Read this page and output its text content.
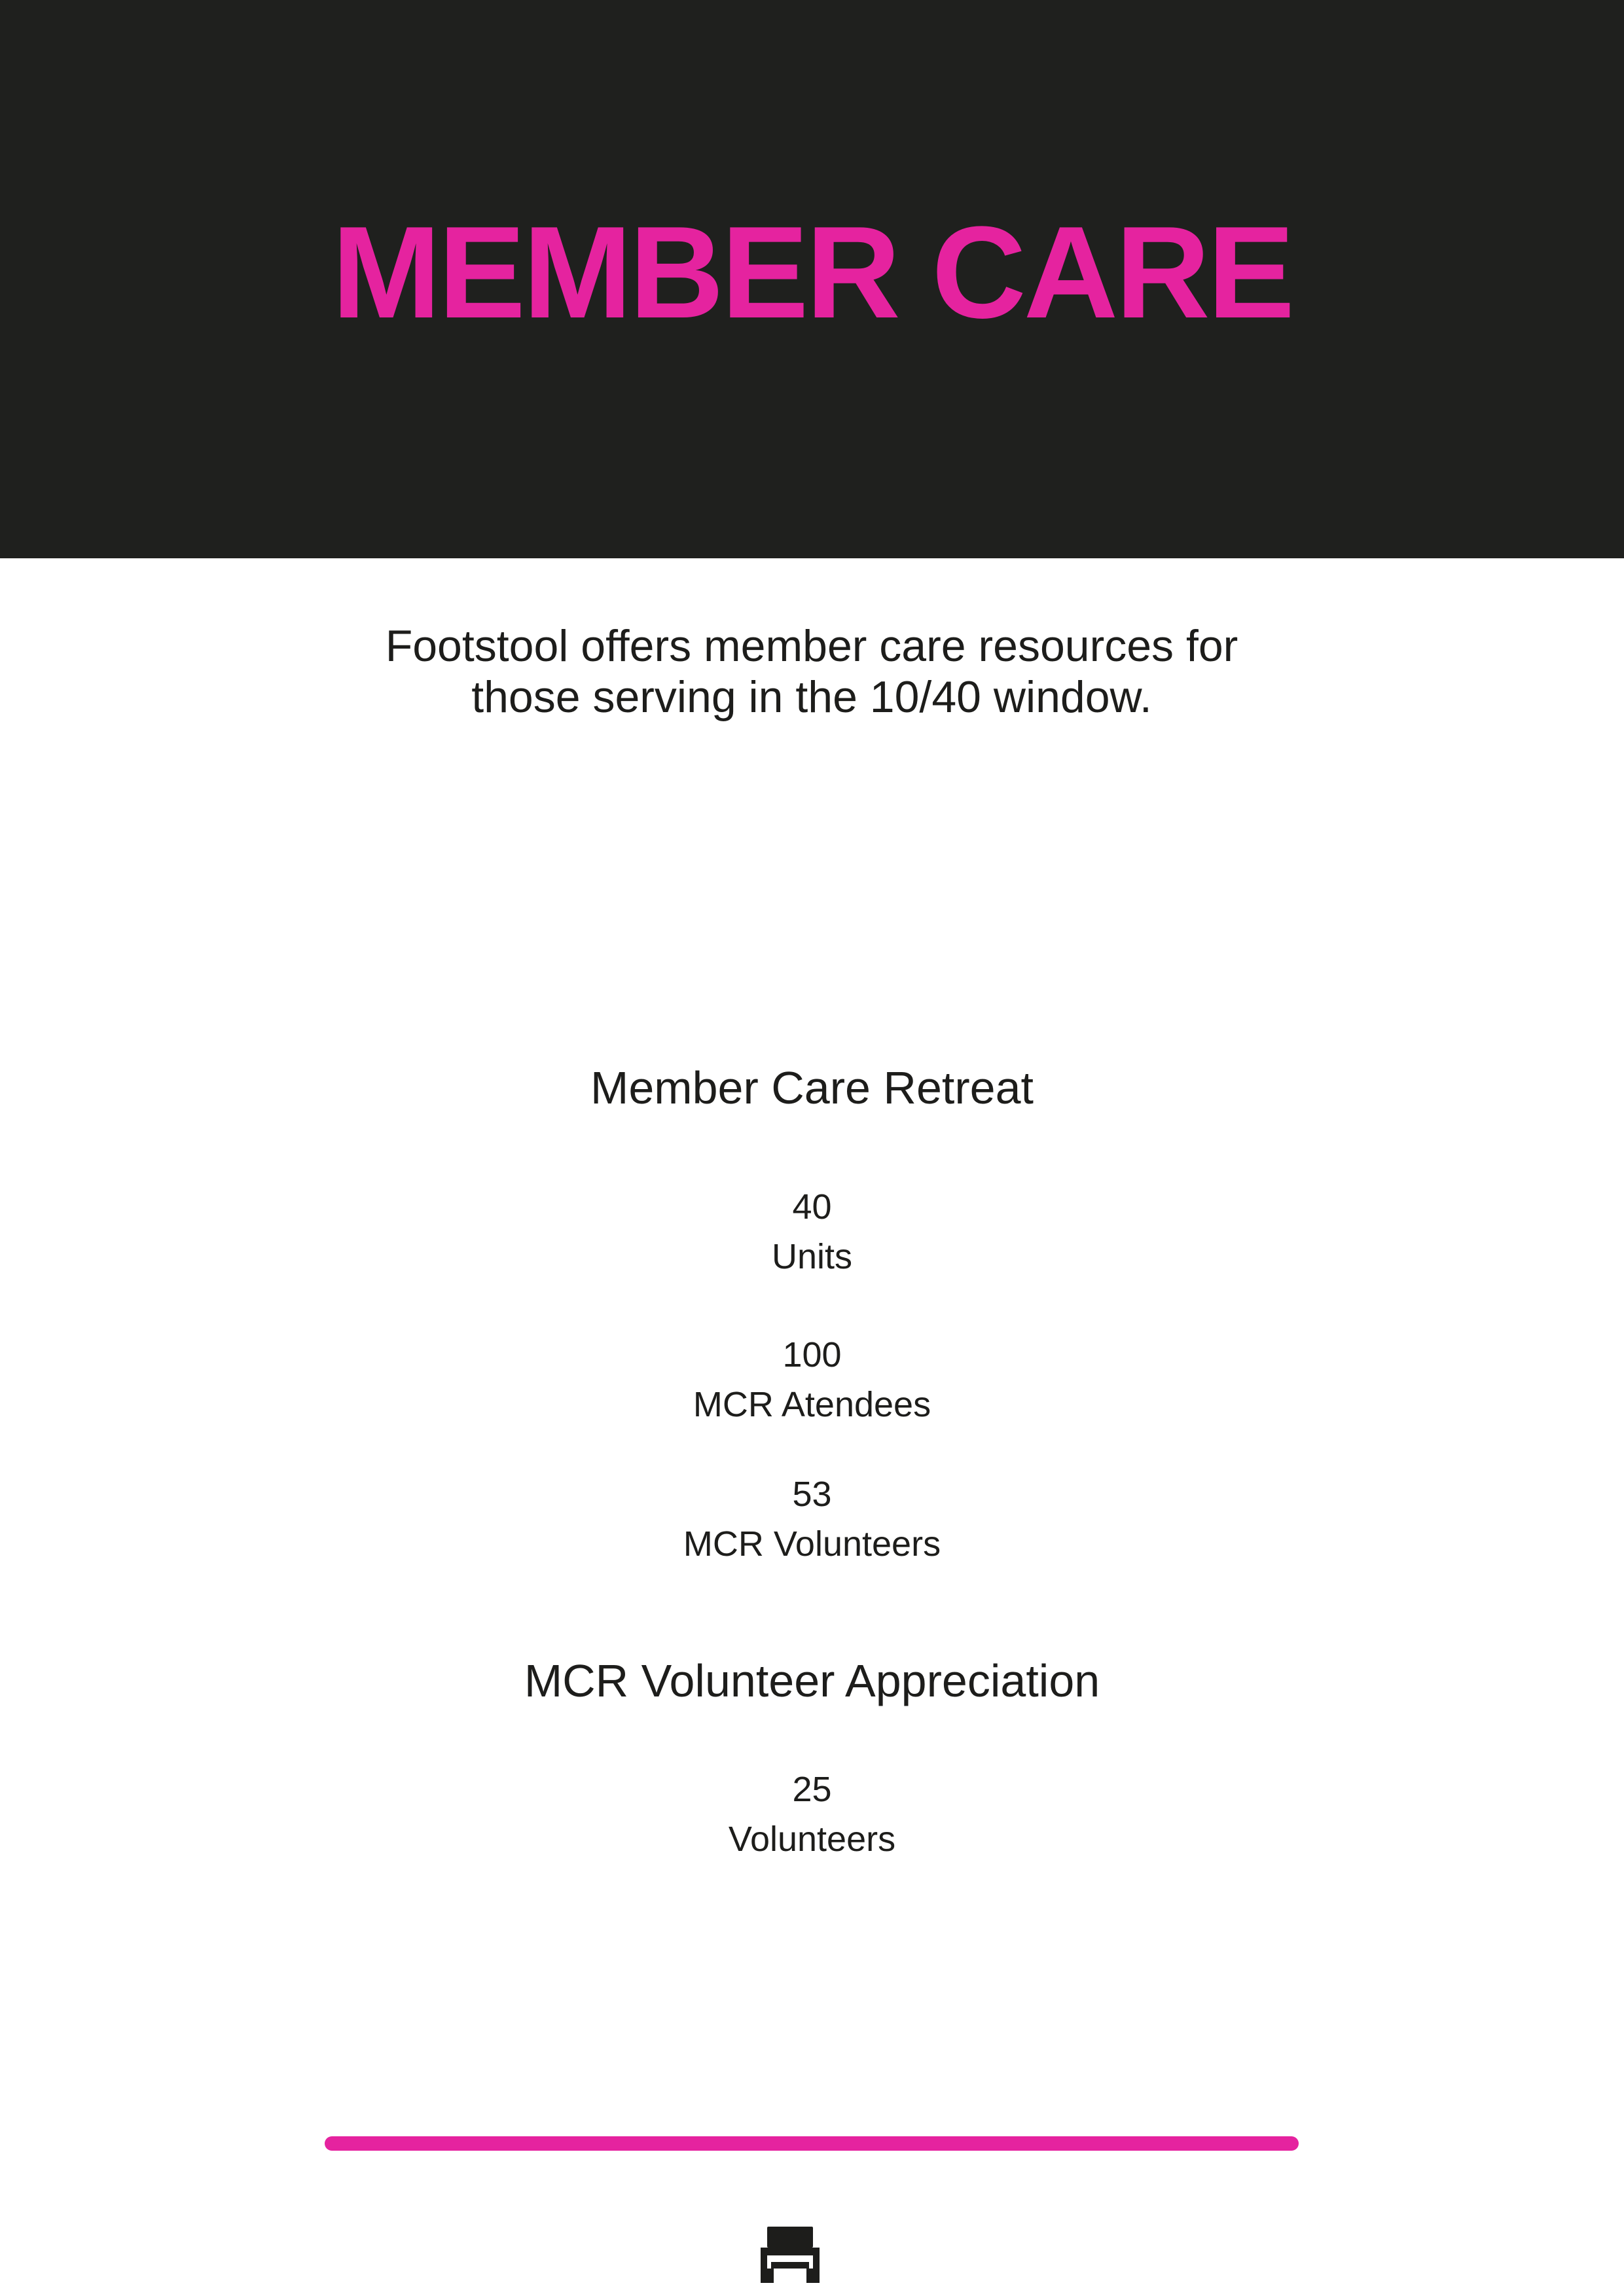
MEMBER CARE

Footstool offers member care resources for
those serving in the 10/40 window.

Member Care Retreat
40
Units
100
MCR Atendees
53
MCR Volunteers
MCR Volunteer Appreciation
25
Volunteers
